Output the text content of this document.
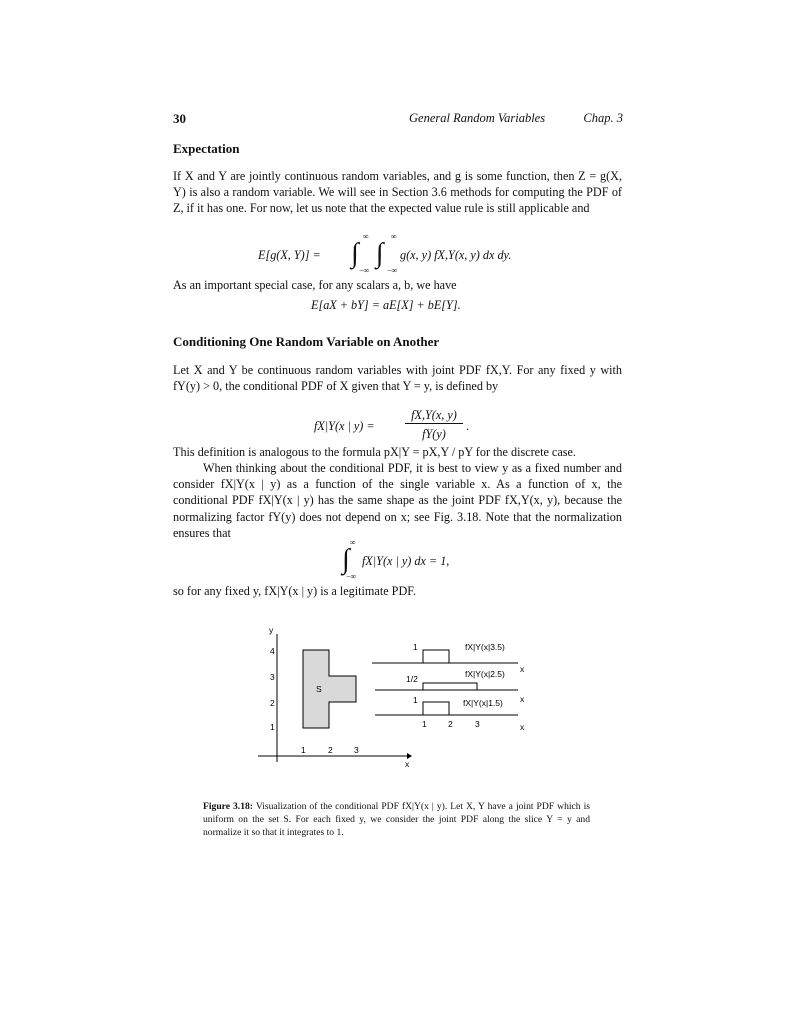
30	General Random Variables	Chap. 3
Expectation
If X and Y are jointly continuous random variables, and g is some function, then Z = g(X, Y) is also a random variable. We will see in Section 3.6 methods for computing the PDF of Z, if it has one. For now, let us note that the expected value rule is still applicable and
E[g(X, Y)] = ∫
∞
−∞
∫
∞
−∞
g(x, y) fX,Y(x, y) dx dy.
As an important special case, for any scalars a, b, we have
E[aX + bY] = aE[X] + bE[Y].
Conditioning One Random Variable on Another
Let X and Y be continuous random variables with joint PDF fX,Y. For any fixed y with fY(y) > 0, the conditional PDF of X given that Y = y, is defined by
fX|Y(x | y) =
fX,Y(x, y)
fY(y)
.
This definition is analogous to the formula pX|Y = pX,Y / pY for the discrete case.
When thinking about the conditional PDF, it is best to view y as a fixed number and consider fX|Y(x | y) as a function of the single variable x. As a function of x, the conditional PDF fX|Y(x | y) has the same shape as the joint PDF fX,Y(x, y), because the normalizing factor fY(y) does not depend on x; see Fig. 3.18. Note that the normalization ensures that
∫
∞
−∞
fX|Y(x | y) dx = 1,
so for any fixed y, fX|Y(x | y) is a legitimate PDF.
y
x
4
3
2
1
1	2	3
S
1	fX|Y(x|3.5)
x
1/2	fX|Y(x|2.5)
x
1	fX|Y(x|1.5)
1	2	3	x
Figure 3.18: Visualization of the conditional PDF fX|Y(x | y). Let X, Y have a joint PDF which is uniform on the set S. For each fixed y, we consider the joint PDF along the slice Y = y and normalize it so that it integrates to 1.
